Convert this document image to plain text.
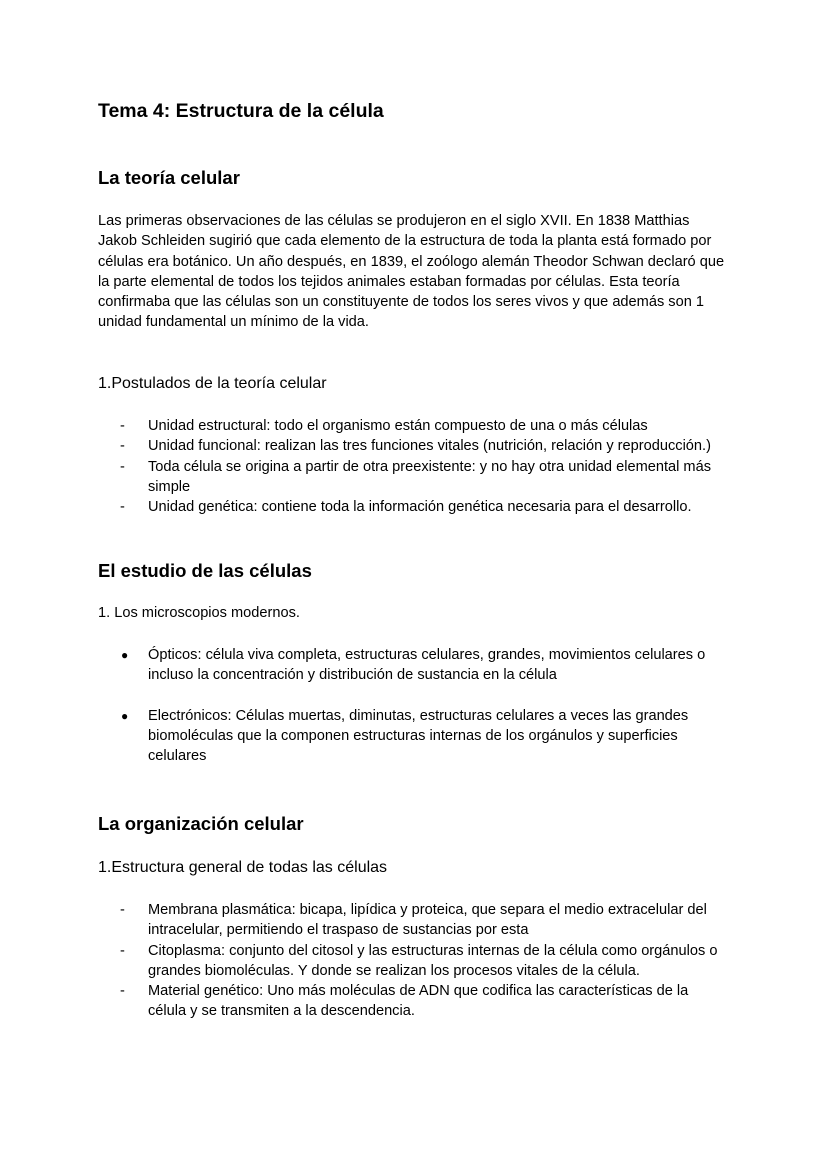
Tema 4: Estructura de la célula
La teoría celular

Las primeras observaciones de las células se produjeron en el siglo XVII. En 1838 Matthias Jakob Schleiden sugirió que cada elemento de la estructura de toda la planta está formado por células era botánico. Un año después, en 1839, el zoólogo alemán Theodor Schwan declaró que la parte elemental de todos los tejidos animales estaban formadas por células. Esta teoría confirmaba que las células son un constituyente de todos los seres vivos y que además son 1 unidad fundamental un mínimo de la vida.

1.Postulados de la teoría celular
- Unidad estructural: todo el organismo están compuesto de una o más células
- Unidad funcional: realizan las tres funciones vitales (nutrición, relación y reproducción.)
- Toda célula se origina a partir de otra preexistente: y no hay otra unidad elemental más simple
- Unidad genética: contiene toda la información genética necesaria para el desarrollo.
El estudio de las células
1. Los microscopios modernos.
● Ópticos: célula viva completa, estructuras celulares, grandes, movimientos celulares o incluso la concentración y distribución de sustancia en la célula
● Electrónicos: Células muertas, diminutas, estructuras celulares a veces las grandes biomoléculas que la componen estructuras internas de los orgánulos y superficies celulares
La organización celular
1.Estructura general de todas las células
- Membrana plasmática: bicapa, lipídica y proteica, que separa el medio extracelular del intracelular, permitiendo el traspaso de sustancias por esta
- Citoplasma: conjunto del citosol y las estructuras internas de la célula como orgánulos o grandes biomoléculas. Y donde se realizan los procesos vitales de la célula.
- Material genético: Uno más moléculas de ADN que codifica las características de la célula y se transmiten a la descendencia.
